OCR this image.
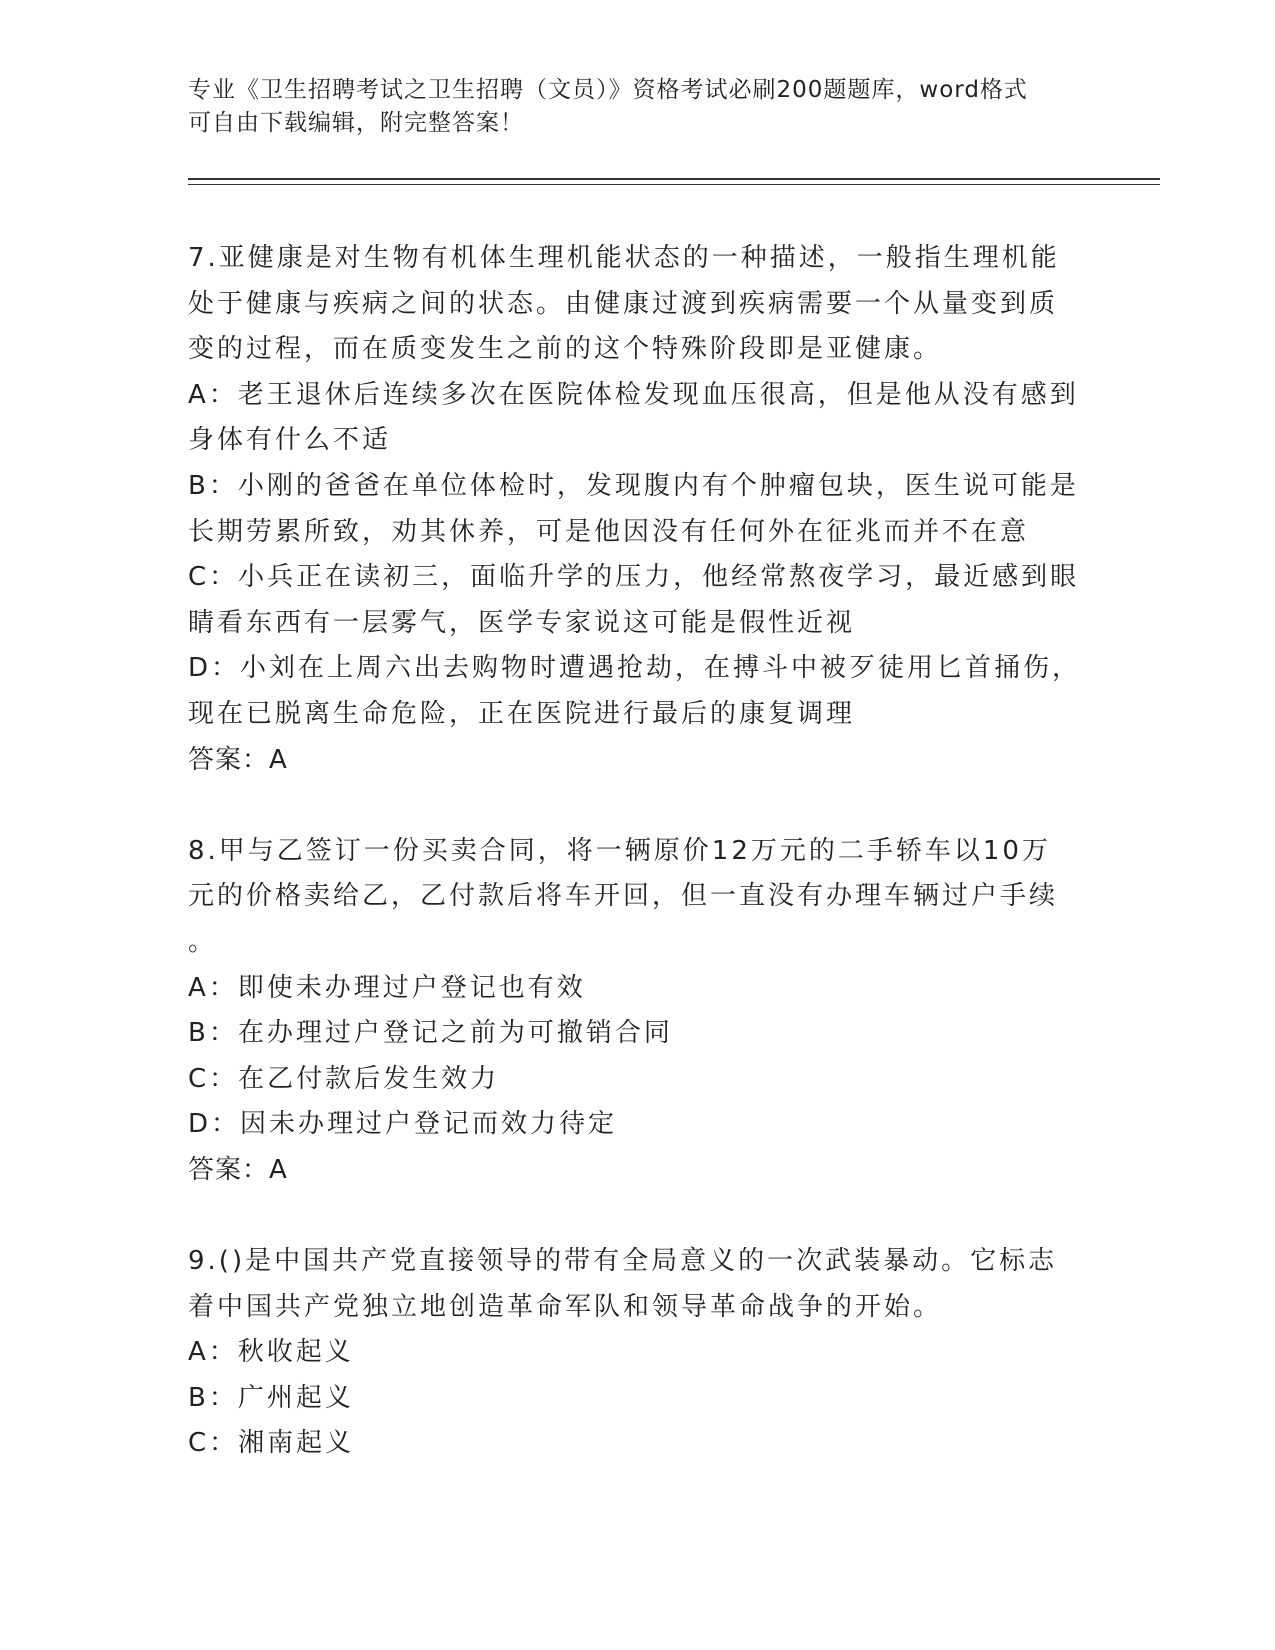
专业《卫生招聘考试之卫生招聘（文员）》资格考试必刷200题题库，word格式
可自由下载编辑，附完整答案！
7.亚健康是对生物有机体生理机能状态的一种描述，一般指生理机能
处于健康与疾病之间的状态。由健康过渡到疾病需要一个从量变到质
变的过程，而在质变发生之前的这个特殊阶段即是亚健康。
A：老王退休后连续多次在医院体检发现血压很高，但是他从没有感到
身体有什么不适
B：小刚的爸爸在单位体检时，发现腹内有个肿瘤包块，医生说可能是
长期劳累所致，劝其休养，可是他因没有任何外在征兆而并不在意
C：小兵正在读初三，面临升学的压力，他经常熬夜学习，最近感到眼
睛看东西有一层雾气，医学专家说这可能是假性近视
D：小刘在上周六出去购物时遭遇抢劫，在搏斗中被歹徒用匕首捅伤，
现在已脱离生命危险，正在医院进行最后的康复调理
答案：A
8.甲与乙签订一份买卖合同，将一辆原价12万元的二手轿车以10万
元的价格卖给乙，乙付款后将车开回，但一直没有办理车辆过户手续
。
A：即使未办理过户登记也有效
B：在办理过户登记之前为可撤销合同
C：在乙付款后发生效力
D：因未办理过户登记而效力待定
答案：A
9.()是中国共产党直接领导的带有全局意义的一次武装暴动。它标志
着中国共产党独立地创造革命军队和领导革命战争的开始。
A：秋收起义
B：广州起义
C：湘南起义
